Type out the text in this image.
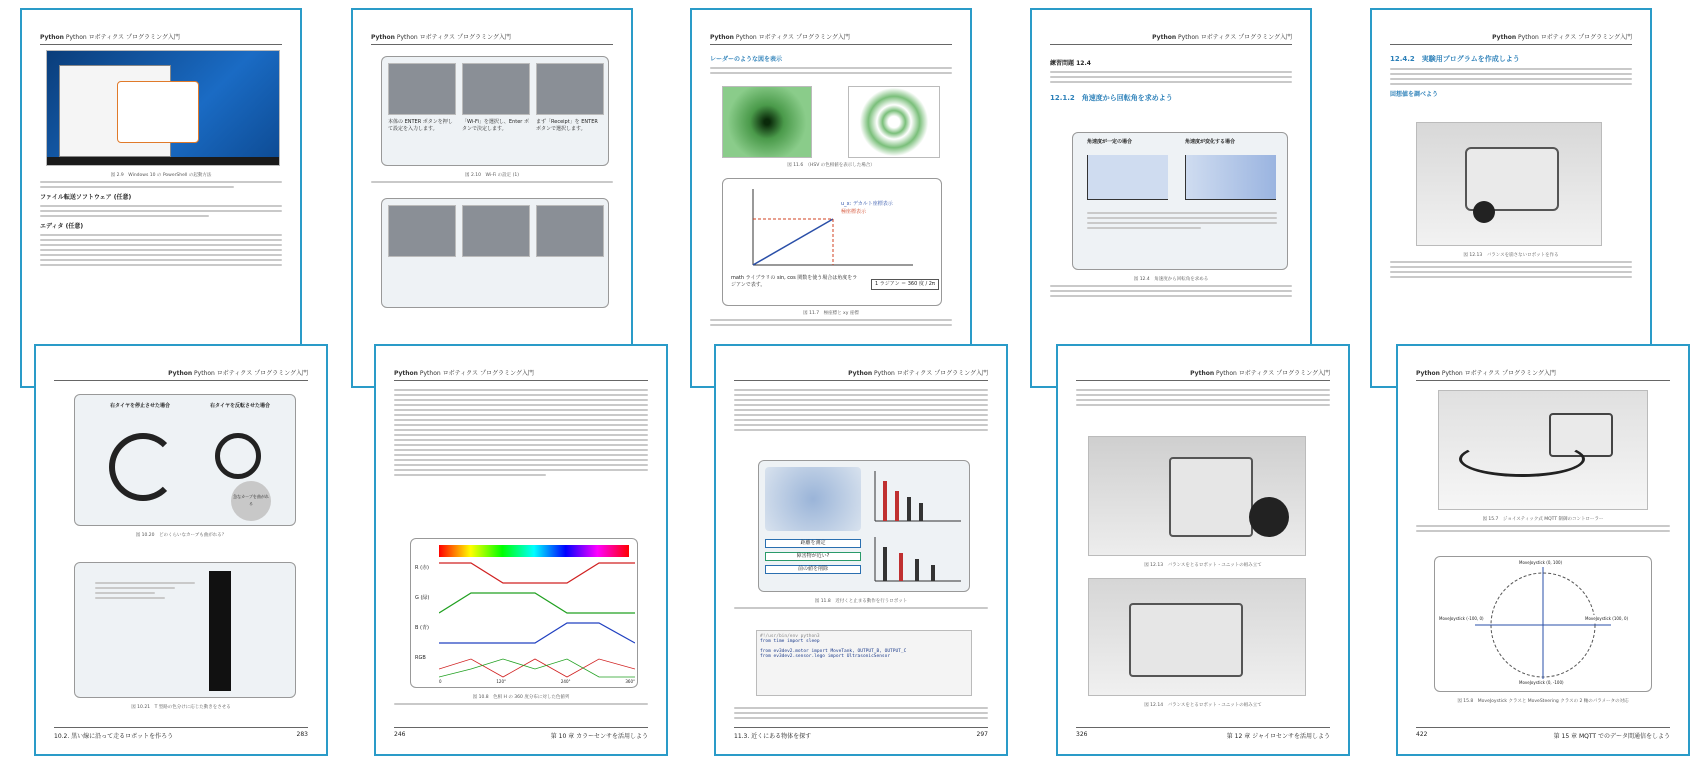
Python Python ロボティクス プログラミング入門
図 2.9　Windows 10 の PowerShell の起動方法
ファイル転送ソフトウェア (任意)
エディタ (任意)
Python Python ロボティクス プログラミング入門
本体の ENTER ボタンを押して設定を入力します。
「Wi-Fi」を選択し、Enter ボタンで決定します。
まず「Receipt」を ENTER ボタンで選択します。
図 2.10　Wi-Fi の設定 (1)
Python Python ロボティクス プログラミング入門
レーダーのような図を表示
図 11.6　（HSV の色相値を表示した場合）
u_x: デカルト座標表示
極座標表示
math ライブラリの sin, cos 関数を使う場合は角度をラジアンで表す。	1 ラジアン ＝ 360 度 / 2π
図 11.7　極座標と xy 座標
Python Python ロボティクス プログラミング入門
練習問題 12.4
12.1.2　角速度から回転角を求めよう
角速度が一定の場合	角速度が変化する場合
図 12.4　角速度から回転角を求める
Python Python ロボティクス プログラミング入門
12.4.2　実験用プログラムを作成しよう
回想値を調べよう
図 12.13　バランスを崩さないロボットを作る
Python Python ロボティクス プログラミング入門
右タイヤを停止させた場合	右タイヤを反転させた場合
急なカーブを曲がれる
図 10.20　どのくらいなカーブも曲がれる？
図 10.21　T 型路の色分けに応じた動きをさせる
10.2. 黒い線に沿って走るロボットを作ろう	283
Python Python ロボティクス プログラミング入門
R (赤)
G (緑)
B (青)
RGB
0	120°	240°	360°
図 10.8　色相 H の 360 度分布に対した色値列
246	第 10 章 カラーセンサを活用しよう
Python Python ロボティクス プログラミング入門
距離を測定
障害物が近い?
前の値を削除
図 11.8　近付くと止まる動作を行うロボット
#!/usr/bin/env python3
from time import sleep
from ev3dev2.motor import MoveTank, OUTPUT_B, OUTPUT_C
from ev3dev2.sensor.lego import UltrasonicSensor
11.3. 近くにある物体を探す	297
Python Python ロボティクス プログラミング入門
図 12.13　バランスをとるロボット・ユニットの組み立て
図 12.14　バランスをとるロボット・ユニットの組み立て
326	第 12 章 ジャイロセンサを活用しよう
Python Python ロボティクス プログラミング入門
図 15.7　ジョイスティック式 MQTT 制御のコントローラー
MoveJoystick (0, 100)
MoveJoystick (100, 0)
MoveJoystick (-100, 0)
MoveJoystick (0, -100)
図 15.8　MoveJoystick クラスと MoveSteering クラスの 2 軸のパラメータの対応
422	第 15 章 MQTT でのデータ間通信をしよう
